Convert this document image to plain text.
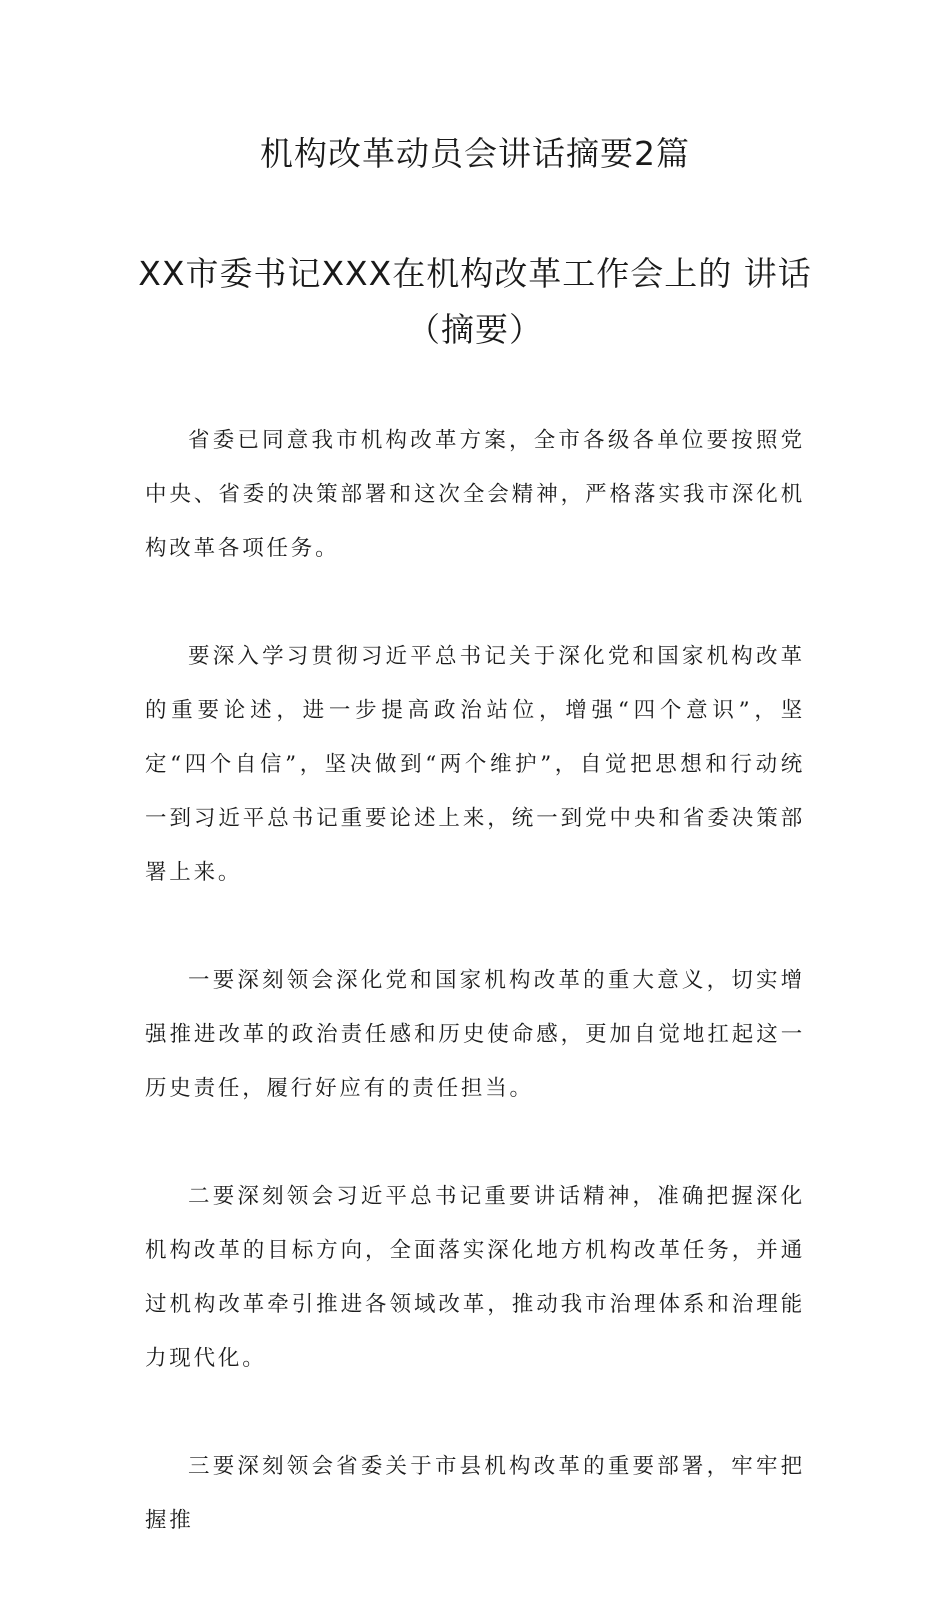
机构改革动员会讲话摘要2篇
XX市委书记XXX在机构改革工作会上的 讲话
（摘要）

省委已同意我市机构改革方案，全市各级各单位要按照党中央、省委的决策部署和这次全会精神，严格落实我市深化机构改革各项任务。

要深入学习贯彻习近平总书记关于深化党和国家机构改革的重要论述，进一步提高政治站位，增强“四个意识”，坚定“四个自信”，坚决做到“两个维护”，自觉把思想和行动统一到习近平总书记重要论述上来，统一到党中央和省委决策部署上来。

一要深刻领会深化党和国家机构改革的重大意义，切实增强推进改革的政治责任感和历史使命感，更加自觉地扛起这一历史责任，履行好应有的责任担当。

二要深刻领会习近平总书记重要讲话精神，准确把握深化机构改革的目标方向，全面落实深化地方机构改革任务，并通过机构改革牵引推进各领域改革，推动我市治理体系和治理能力现代化。

三要深刻领会省委关于市县机构改革的重要部署，牢牢把握推
